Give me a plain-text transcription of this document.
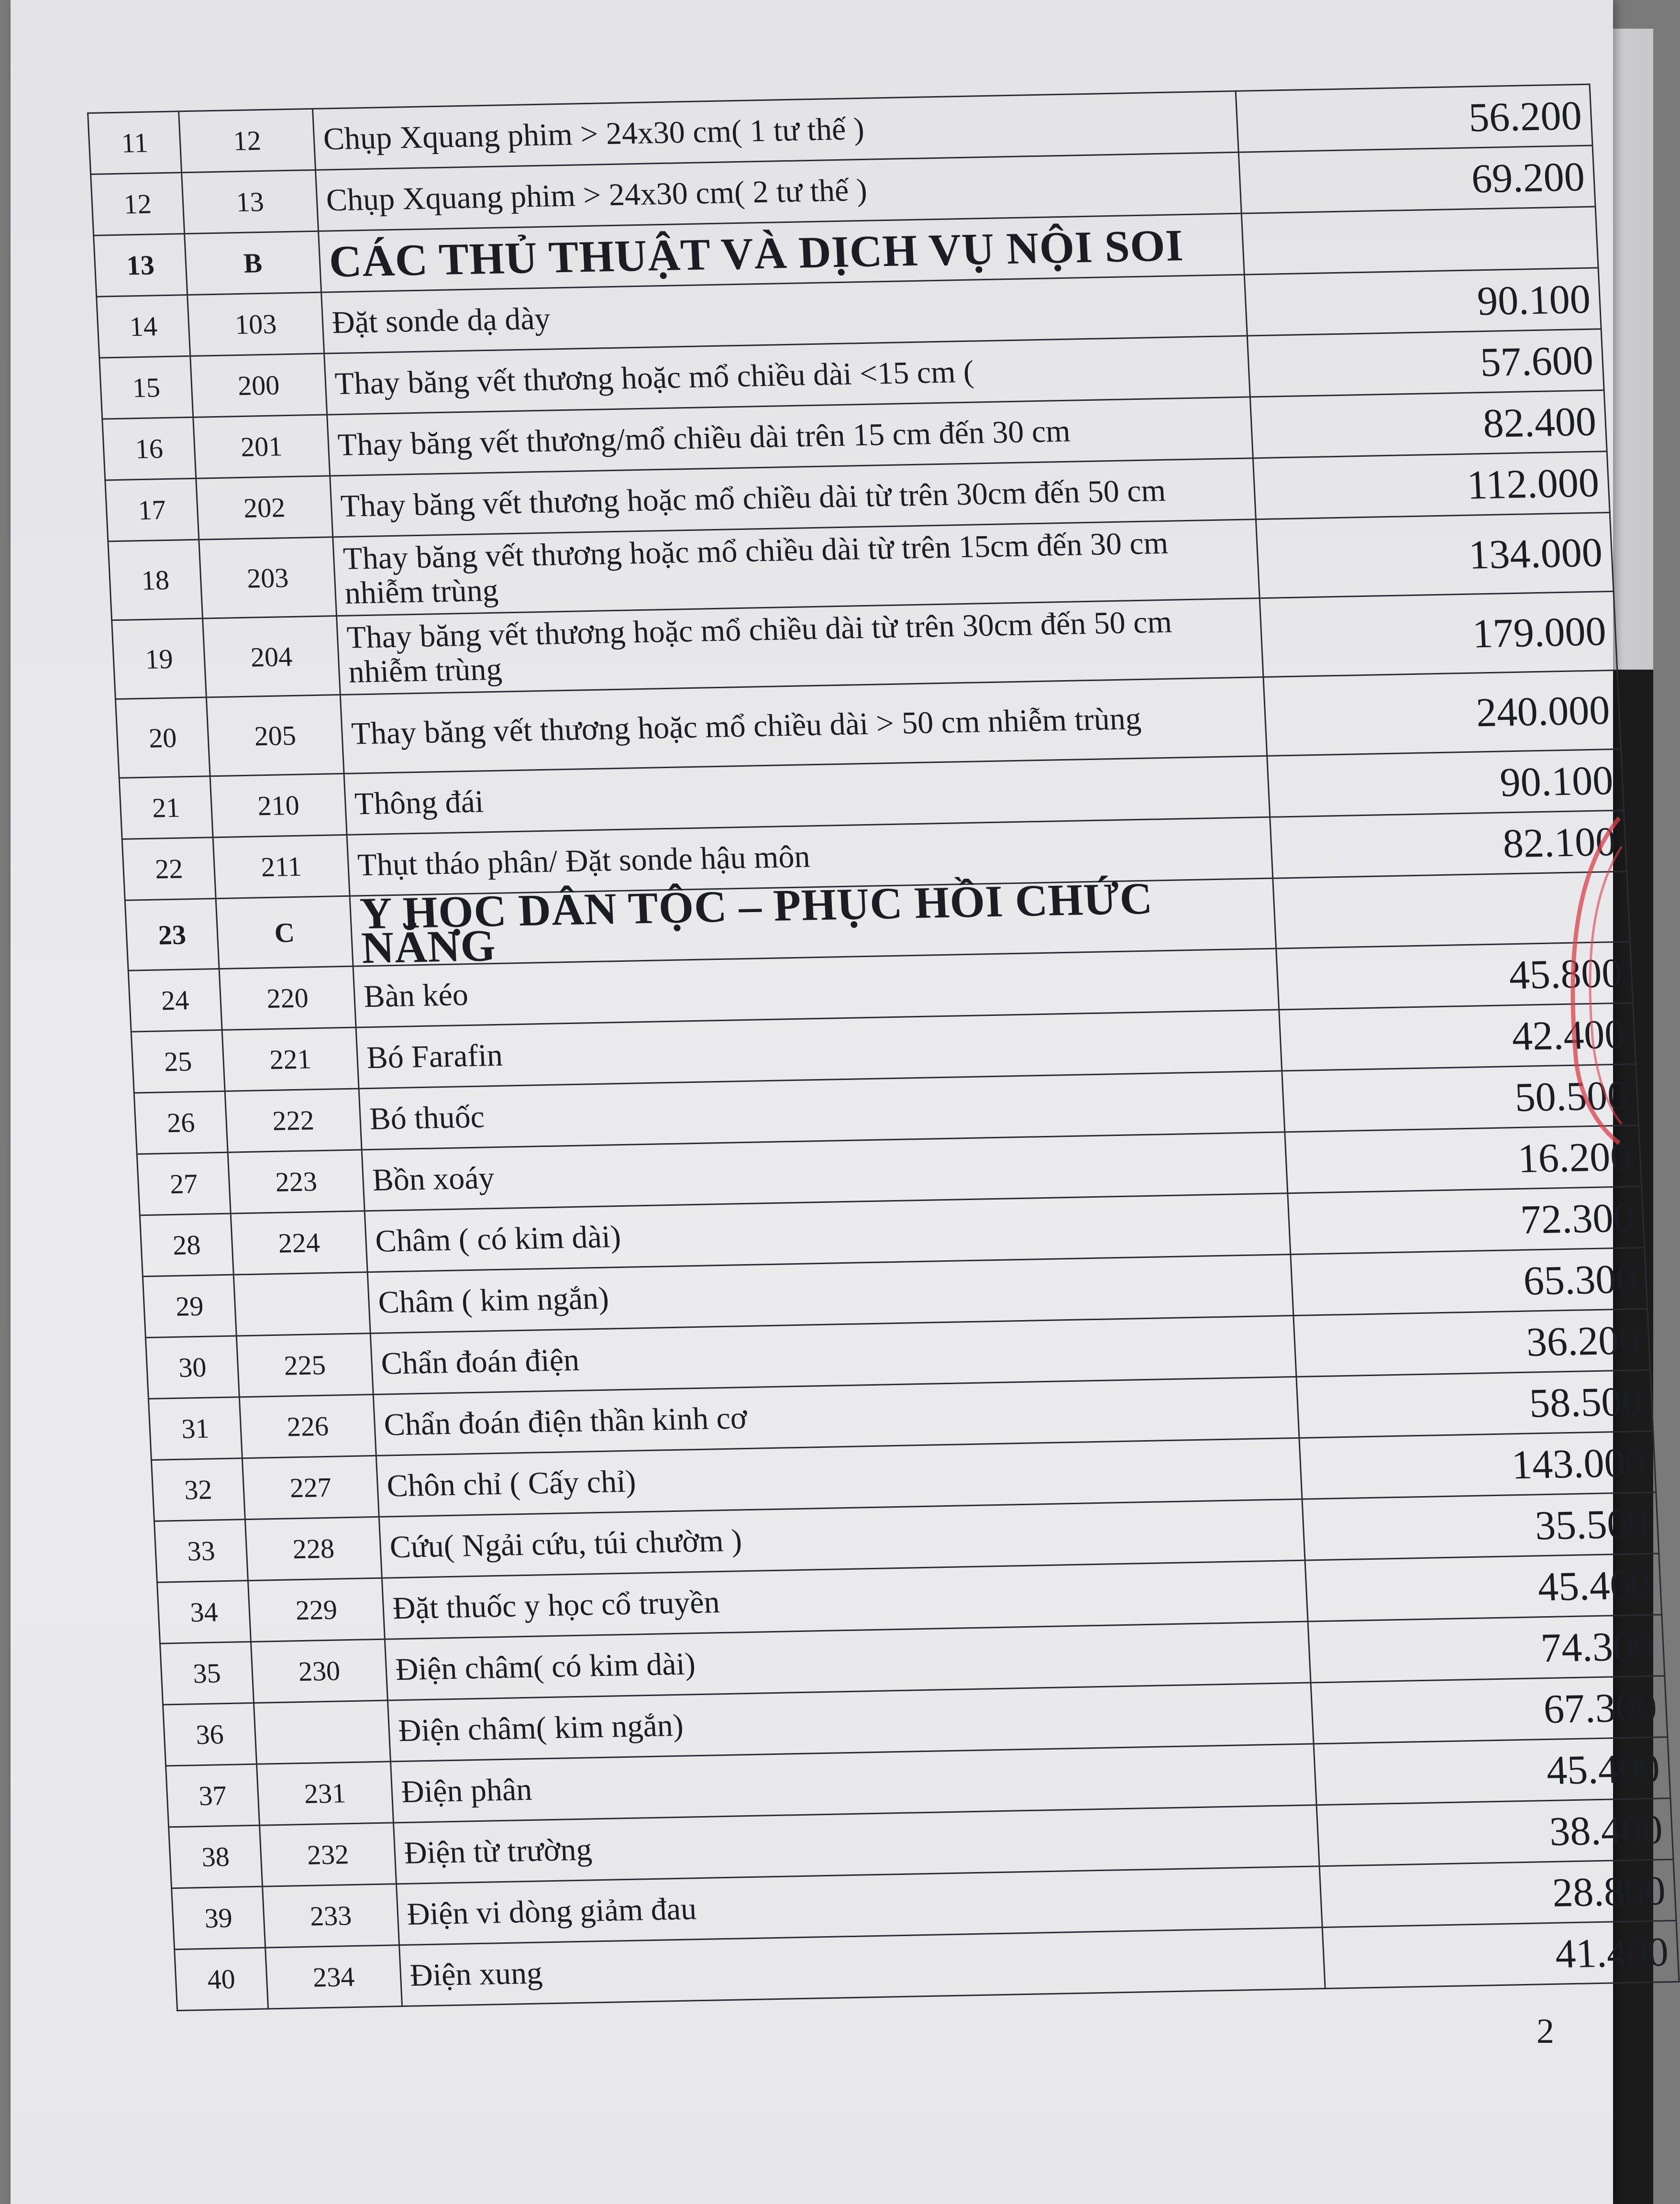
11	12	Chụp Xquang phim > 24x30 cm( 1 tư thế )	56.200
12	13	Chụp Xquang phim > 24x30 cm( 2 tư thế )	69.200
13	B	CÁC THỦ THUẬT VÀ DỊCH VỤ NỘI SOI	
14	103	Đặt sonde dạ dày	90.100
15	200	Thay băng vết thương hoặc mổ chiều dài <15 cm (	57.600
16	201	Thay băng vết thương/mổ chiều dài trên 15 cm đến 30 cm	82.400
17	202	Thay băng vết thương hoặc mổ chiều dài từ trên 30cm đến 50 cm	112.000
18	203	Thay băng vết thương hoặc mổ chiều dài từ trên 15cm đến 30 cm nhiễm trùng	134.000
19	204	Thay băng vết thương hoặc mổ chiều dài từ trên 30cm đến 50 cm nhiễm trùng	179.000
20	205	Thay băng vết thương hoặc mổ chiều dài > 50 cm nhiễm trùng	240.000
21	210	Thông đái	90.100
22	211	Thụt tháo phân/ Đặt sonde hậu môn	82.100
23	C	Y HỌC DÂN TỘC – PHỤC HỒI CHỨC NĂNG	
24	220	Bàn kéo	45.800
25	221	Bó Farafin	42.400
26	222	Bó thuốc	50.500
27	223	Bồn xoáy	16.200
28	224	Châm ( có kim dài)	72.300
29		Châm ( kim ngắn)	65.300
30	225	Chẩn đoán điện	36.200
31	226	Chẩn đoán điện thần kinh cơ	58.500
32	227	Chôn chỉ ( Cấy chỉ)	143.000
33	228	Cứu( Ngải cứu, túi chườm )	35.500
34	229	Đặt thuốc y học cổ truyền	45.400
35	230	Điện châm( có kim dài)	74.300
36		Điện châm( kim ngắn)	67.300
37	231	Điện phân	45.400
38	232	Điện từ trường	38.400
39	233	Điện vi dòng giảm đau	28.800
40	234	Điện xung	41.400
2
